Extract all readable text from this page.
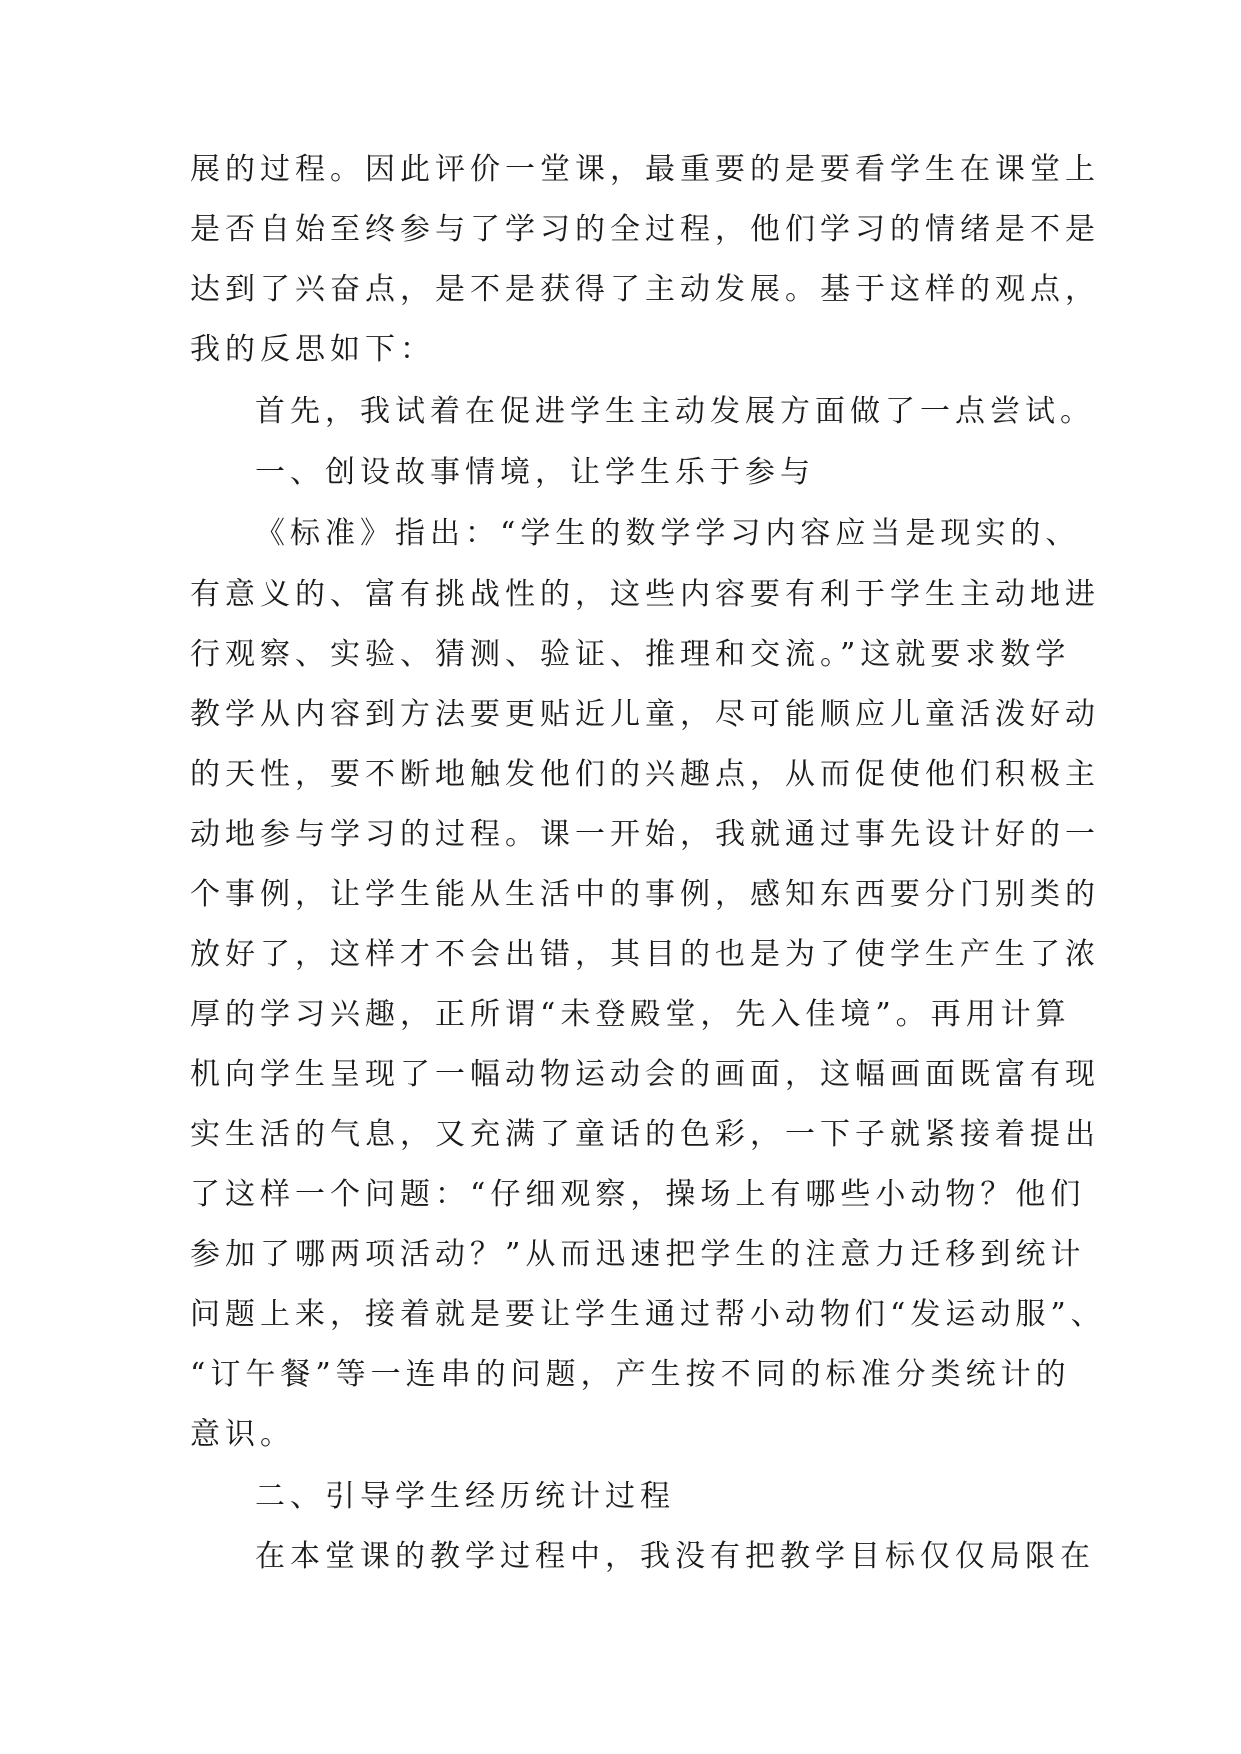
展的过程。因此评价一堂课，最重要的是要看学生在课堂上
是否自始至终参与了学习的全过程，他们学习的情绪是不是
达到了兴奋点，是不是获得了主动发展。基于这样的观点，
我的反思如下：
首先，我试着在促进学生主动发展方面做了一点尝试。
一、创设故事情境，让学生乐于参与
《标准》指出：“学生的数学学习内容应当是现实的、
有意义的、富有挑战性的，这些内容要有利于学生主动地进
行观察、实验、猜测、验证、推理和交流。”这就要求数学
教学从内容到方法要更贴近儿童，尽可能顺应儿童活泼好动
的天性，要不断地触发他们的兴趣点，从而促使他们积极主
动地参与学习的过程。课一开始，我就通过事先设计好的一
个事例，让学生能从生活中的事例，感知东西要分门别类的
放好了，这样才不会出错，其目的也是为了使学生产生了浓
厚的学习兴趣，正所谓“未登殿堂，先入佳境”。再用计算
机向学生呈现了一幅动物运动会的画面，这幅画面既富有现
实生活的气息，又充满了童话的色彩，一下子就紧接着提出
了这样一个问题：“仔细观察，操场上有哪些小动物？他们
参加了哪两项活动？”从而迅速把学生的注意力迁移到统计
问题上来，接着就是要让学生通过帮小动物们“发运动服”、
“订午餐”等一连串的问题，产生按不同的标准分类统计的
意识。
二、引导学生经历统计过程
在本堂课的教学过程中，我没有把教学目标仅仅局限在
